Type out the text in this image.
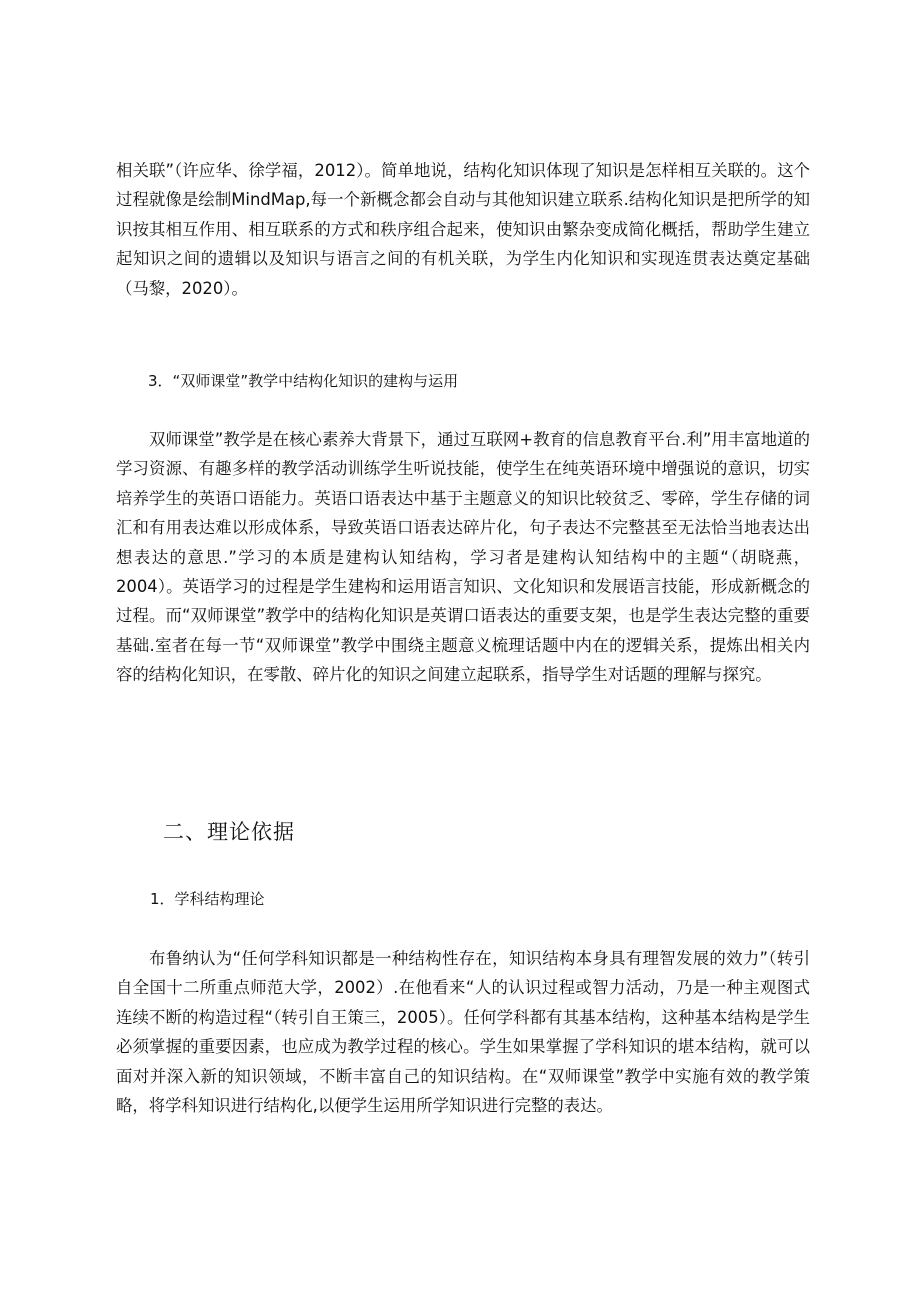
相关联”（许应华、徐学福，2012）。简单地说，结构化知识体现了知识是怎样相互关联的。这个过程就像是绘制MindMap,每一个新概念都会自动与其他知识建立联系.结构化知识是把所学的知识按其相互作用、相互联系的方式和秩序组合起来，使知识由繁杂变成简化概括，帮助学生建立起知识之间的遗辑以及知识与语言之间的有机关联，为学生内化知识和实现连贯表达奠定基础（马黎，2020）。

3．“双师课堂”教学中结构化知识的建构与运用

双师课堂”教学是在核心素养大背景下，通过互联网+教育的信息教育平台.利”用丰富地道的学习资源、有趣多样的教学活动训练学生听说技能，使学生在纯英语环境中增强说的意识，切实培养学生的英语口语能力。英语口语表达中基于主题意义的知识比较贫乏、零碎，学生存储的词汇和有用表达难以形成体系，导致英语口语表达碎片化，句子表达不完整甚至无法恰当地表达出想表达的意思.”学习的本质是建构认知结构，学习者是建构认知结构中的主题“（胡晓燕，2004）。英语学习的过程是学生建构和运用语言知识、文化知识和发展语言技能，形成新概念的过程。而“双师课堂”教学中的结构化知识是英谓口语表达的重要支架，也是学生表达完整的重要基础.室者在每一节“双师课堂”教学中围绕主题意义梳理话题中内在的逻辑关系，提炼出相关内容的结构化知识，在零散、碎片化的知识之间建立起联系，指导学生对话题的理解与探究。

二、理论依据
1．学科结构理论

布鲁纳认为“任何学科知识都是一种结构性存在，知识结构本身具有理智发展的效力”（转引自全国十二所重点师范大学，2002）.在他看来“人的认识过程或智力活动，乃是一种主观图式连续不断的构造过程“（转引自王策三，2005）。任何学科都有其基本结构，这种基本结构是学生必须掌握的重要因素，也应成为教学过程的核心。学生如果掌握了学科知识的堪本结构，就可以面对并深入新的知识领域，不断丰富自己的知识结构。在“双师课堂”教学中实施有效的教学策略，将学科知识进行结构化,以便学生运用所学知识进行完整的表达。
